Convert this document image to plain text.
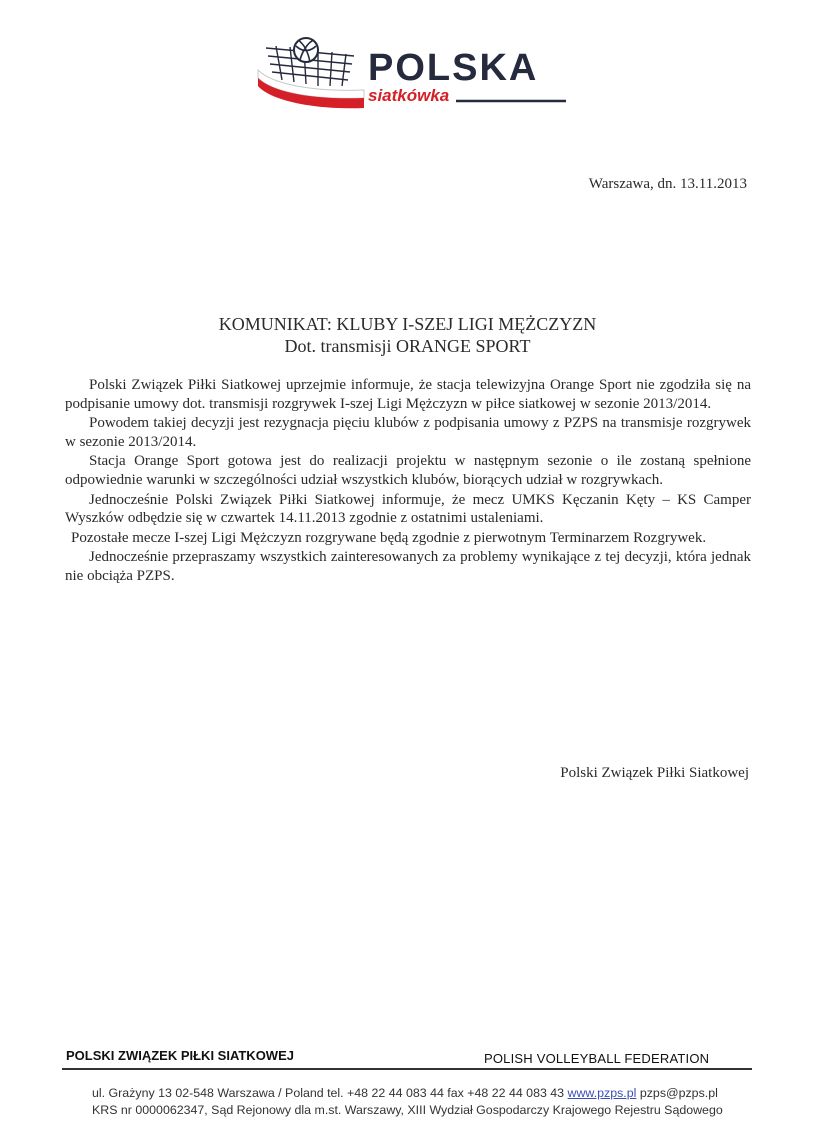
POLSKA
siatkówka
Warszawa, dn. 13.11.2013
KOMUNIKAT: KLUBY I-SZEJ LIGI MĘŻCZYZN
Dot. transmisji ORANGE SPORT

Polski Związek Piłki Siatkowej uprzejmie informuje, że stacja telewizyjna Orange Sport nie zgodziła się na podpisanie umowy dot. transmisji rozgrywek I-szej Ligi Mężczyzn w piłce siatkowej w sezonie 2013/2014.

Powodem takiej decyzji jest rezygnacja pięciu klubów z podpisania umowy z PZPS na transmisje rozgrywek w sezonie 2013/2014.

Stacja Orange Sport gotowa jest do realizacji projektu w następnym sezonie o ile zostaną spełnione odpowiednie warunki w szczególności udział wszystkich klubów, biorących udział w rozgrywkach.

Jednocześnie Polski Związek Piłki Siatkowej informuje, że mecz UMKS Kęczanin Kęty – KS Camper Wyszków odbędzie się w czwartek 14.11.2013 zgodnie z ostatnimi ustaleniami.

Pozostałe mecze I-szej Ligi Mężczyzn rozgrywane będą zgodnie z pierwotnym Terminarzem Rozgrywek.

Jednocześnie przepraszamy wszystkich zainteresowanych za problemy wynikające z tej decyzji, która jednak nie obciąża PZPS.

Polski Związek Piłki Siatkowej
POLSKI ZWIĄZEK PIŁKI SIATKOWEJ	POLISH VOLLEYBALL FEDERATION
ul. Grażyny 13 02-548 Warszawa / Poland tel. +48 22 44 083 44 fax +48 22 44 083 43 www.pzps.pl pzps@pzps.pl
KRS nr 0000062347, Sąd Rejonowy dla m.st. Warszawy, XIII Wydział Gospodarczy Krajowego Rejestru Sądowego
